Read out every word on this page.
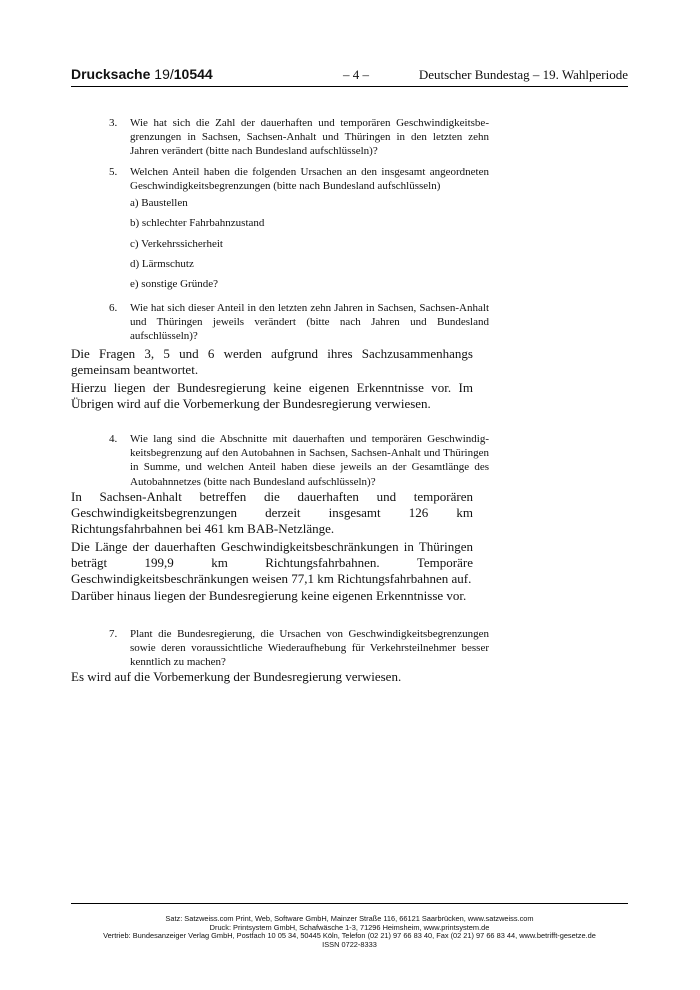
Drucksache 19/10544	– 4 –	Deutscher Bundestag – 19. Wahlperiode
3. Wie hat sich die Zahl der dauerhaften und temporären Geschwindigkeitsbegrenzungen in Sachsen, Sachsen-Anhalt und Thüringen in den letzten zehn Jahren verändert (bitte nach Bundesland aufschlüsseln)?
5. Welchen Anteil haben die folgenden Ursachen an den insgesamt angeordneten Geschwindigkeitsbegrenzungen (bitte nach Bundesland aufschlüsseln)
a) Baustellen
b) schlechter Fahrbahnzustand
c) Verkehrssicherheit
d) Lärmschutz
e) sonstige Gründe?
6. Wie hat sich dieser Anteil in den letzten zehn Jahren in Sachsen, Sachsen-Anhalt und Thüringen jeweils verändert (bitte nach Jahren und Bundesland aufschlüsseln)?
Die Fragen 3, 5 und 6 werden aufgrund ihres Sachzusammenhangs gemeinsam beantwortet.
Hierzu liegen der Bundesregierung keine eigenen Erkenntnisse vor. Im Übrigen wird auf die Vorbemerkung der Bundesregierung verwiesen.
4. Wie lang sind die Abschnitte mit dauerhaften und temporären Geschwindigkeitsbegrenzung auf den Autobahnen in Sachsen, Sachsen-Anhalt und Thüringen in Summe, und welchen Anteil haben diese jeweils an der Gesamtlänge des Autobahnnetzes (bitte nach Bundesland aufschlüsseln)?
In Sachsen-Anhalt betreffen die dauerhaften und temporären Geschwindigkeitsbegrenzungen derzeit insgesamt 126 km Richtungsfahrbahnen bei 461 km BAB-Netzlänge.
Die Länge der dauerhaften Geschwindigkeitsbeschränkungen in Thüringen beträgt 199,9 km Richtungsfahrbahnen. Temporäre Geschwindigkeitsbeschränkungen weisen 77,1 km Richtungsfahrbahnen auf.
Darüber hinaus liegen der Bundesregierung keine eigenen Erkenntnisse vor.
7. Plant die Bundesregierung, die Ursachen von Geschwindigkeitsbegrenzungen sowie deren voraussichtliche Wiederaufhebung für Verkehrsteilnehmer besser kenntlich zu machen?
Es wird auf die Vorbemerkung der Bundesregierung verwiesen.
Satz: Satzweiss.com Print, Web, Software GmbH, Mainzer Straße 116, 66121 Saarbrücken, www.satzweiss.com
Druck: Printsystem GmbH, Schafwäsche 1-3, 71296 Heimsheim, www.printsystem.de
Vertrieb: Bundesanzeiger Verlag GmbH, Postfach 10 05 34, 50445 Köln, Telefon (02 21) 97 66 83 40, Fax (02 21) 97 66 83 44, www.betrifft-gesetze.de
ISSN 0722-8333
